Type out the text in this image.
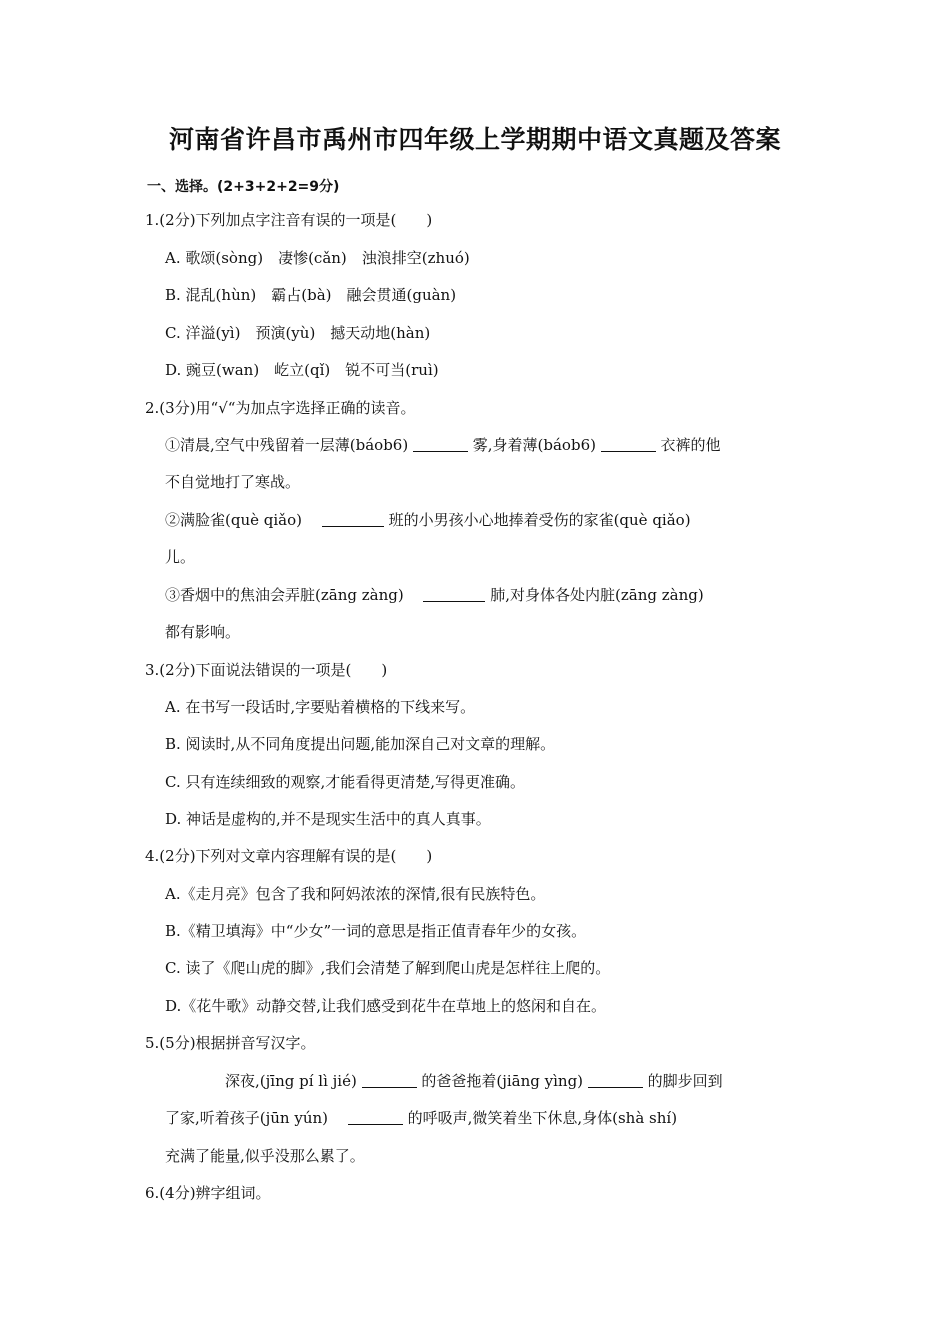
河南省许昌市禹州市四年级上学期期中语文真题及答案
一、选择。(2+3+2+2=9分)
1.(2分)下列加点字注音有误的一项是(　　)
A. 歌颂(sòng)　凄惨(cǎn)　浊浪排空(zhuó)
B. 混乱(hùn)　霸占(bà)　融会贯通(guàn)
C. 洋溢(yì)　预演(yù)　撼天动地(hàn)
D. 豌豆(wan)　屹立(qǐ)　锐不可当(ruì)
2.(3分)用“√“为加点字选择正确的读音。
①清晨,空气中残留着一层薄(báob6)	雾,身着薄(báob6)	衣裤的他
不自觉地打了寒战。
②满脸雀(què qiǎo)　	班的小男孩小心地捧着受伤的家雀(què qiǎo)
儿。
③香烟中的焦油会弄脏(zāng zàng)　	肺,对身体各处内脏(zāng zàng)
都有影响。
3.(2分)下面说法错误的一项是(　　)
A. 在书写一段话时,字要贴着横格的下线来写。
B. 阅读时,从不同角度提出问题,能加深自己对文章的理解。
C. 只有连续细致的观察,才能看得更清楚,写得更准确。
D. 神话是虚构的,并不是现实生活中的真人真事。
4.(2分)下列对文章内容理解有误的是(　　)
A.《走月亮》包含了我和阿妈浓浓的深情,很有民族特色。
B.《精卫填海》中“少女”一词的意思是指正值青春年少的女孩。
C. 读了《爬山虎的脚》,我们会清楚了解到爬山虎是怎样往上爬的。
D.《花牛歌》动静交替,让我们感受到花牛在草地上的悠闲和自在。
5.(5分)根据拼音写汉字。
深夜,(jīng pí lì jié)	的爸爸拖着(jiāng yìng)	的脚步回到
了家,听着孩子(jūn yún)　	的呼吸声,微笑着坐下休息,身体(shà shí)
充满了能量,似乎没那么累了。
6.(4分)辨字组词。
